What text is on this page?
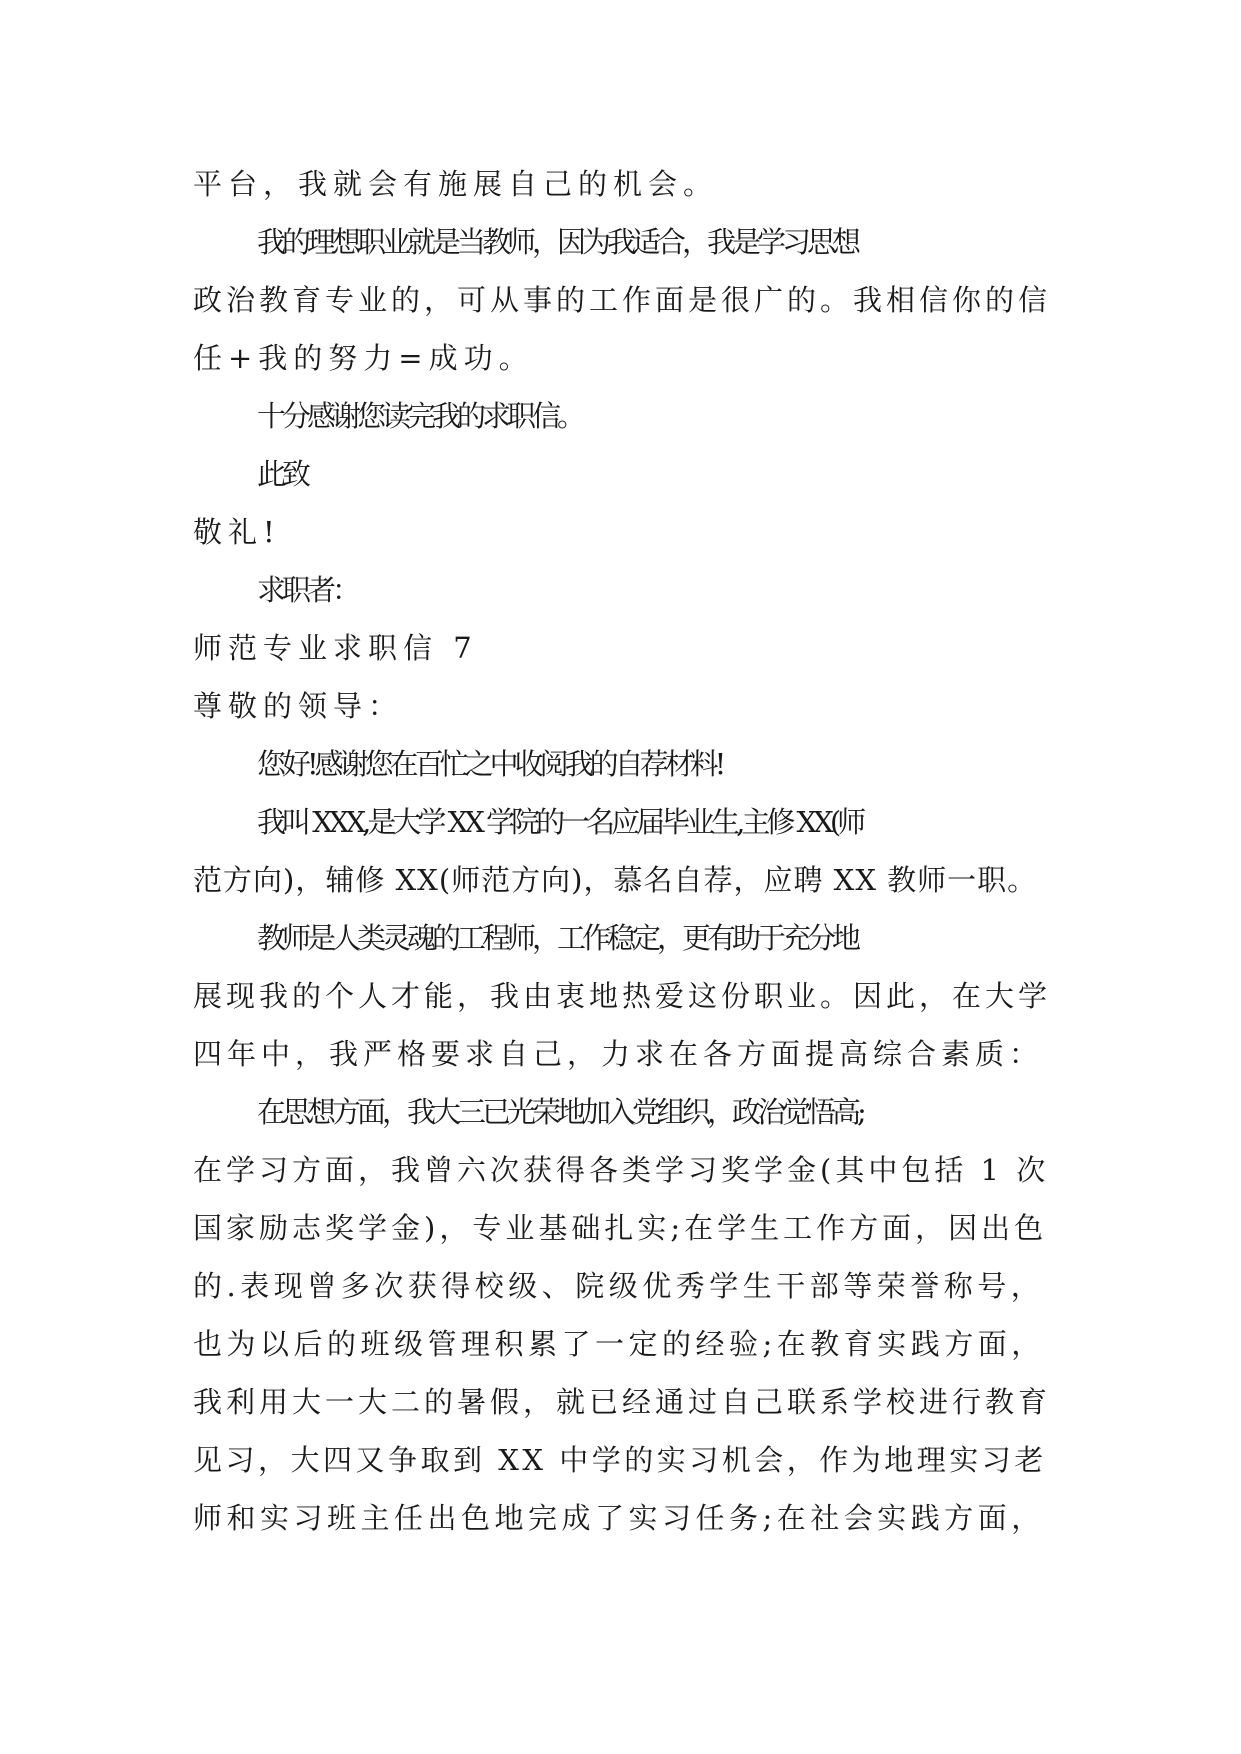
平台，我就会有施展自己的机会。
我的理想职业就是当教师，因为我适合，我是学习思想
政治教育专业的，可从事的工作面是很广的。我相信你的信
任+我的努力=成功。
十分感谢您读完我的求职信。
此致
敬礼!
求职者：
师范专业求职信 7
尊敬的领导：
您好!感谢您在百忙之中收阅我的自荐材料!
我叫 XXX,是大学 XX 学院的一名应届毕业生,主修 XX(师
范方向)，辅修 XX(师范方向)，慕名自荐，应聘 XX 教师一职。
教师是人类灵魂的工程师，工作稳定，更有助于充分地
展现我的个人才能，我由衷地热爱这份职业。因此，在大学
四年中，我严格要求自己，力求在各方面提高综合素质：
在思想方面，我大三已光荣地加入党组织，政治觉悟高;
在学习方面，我曾六次获得各类学习奖学金(其中包括 1 次
国家励志奖学金)，专业基础扎实;在学生工作方面，因出色
的.表现曾多次获得校级、院级优秀学生干部等荣誉称号，
也为以后的班级管理积累了一定的经验;在教育实践方面，
我利用大一大二的暑假，就已经通过自己联系学校进行教育
见习，大四又争取到 XX 中学的实习机会，作为地理实习老
师和实习班主任出色地完成了实习任务;在社会实践方面，
